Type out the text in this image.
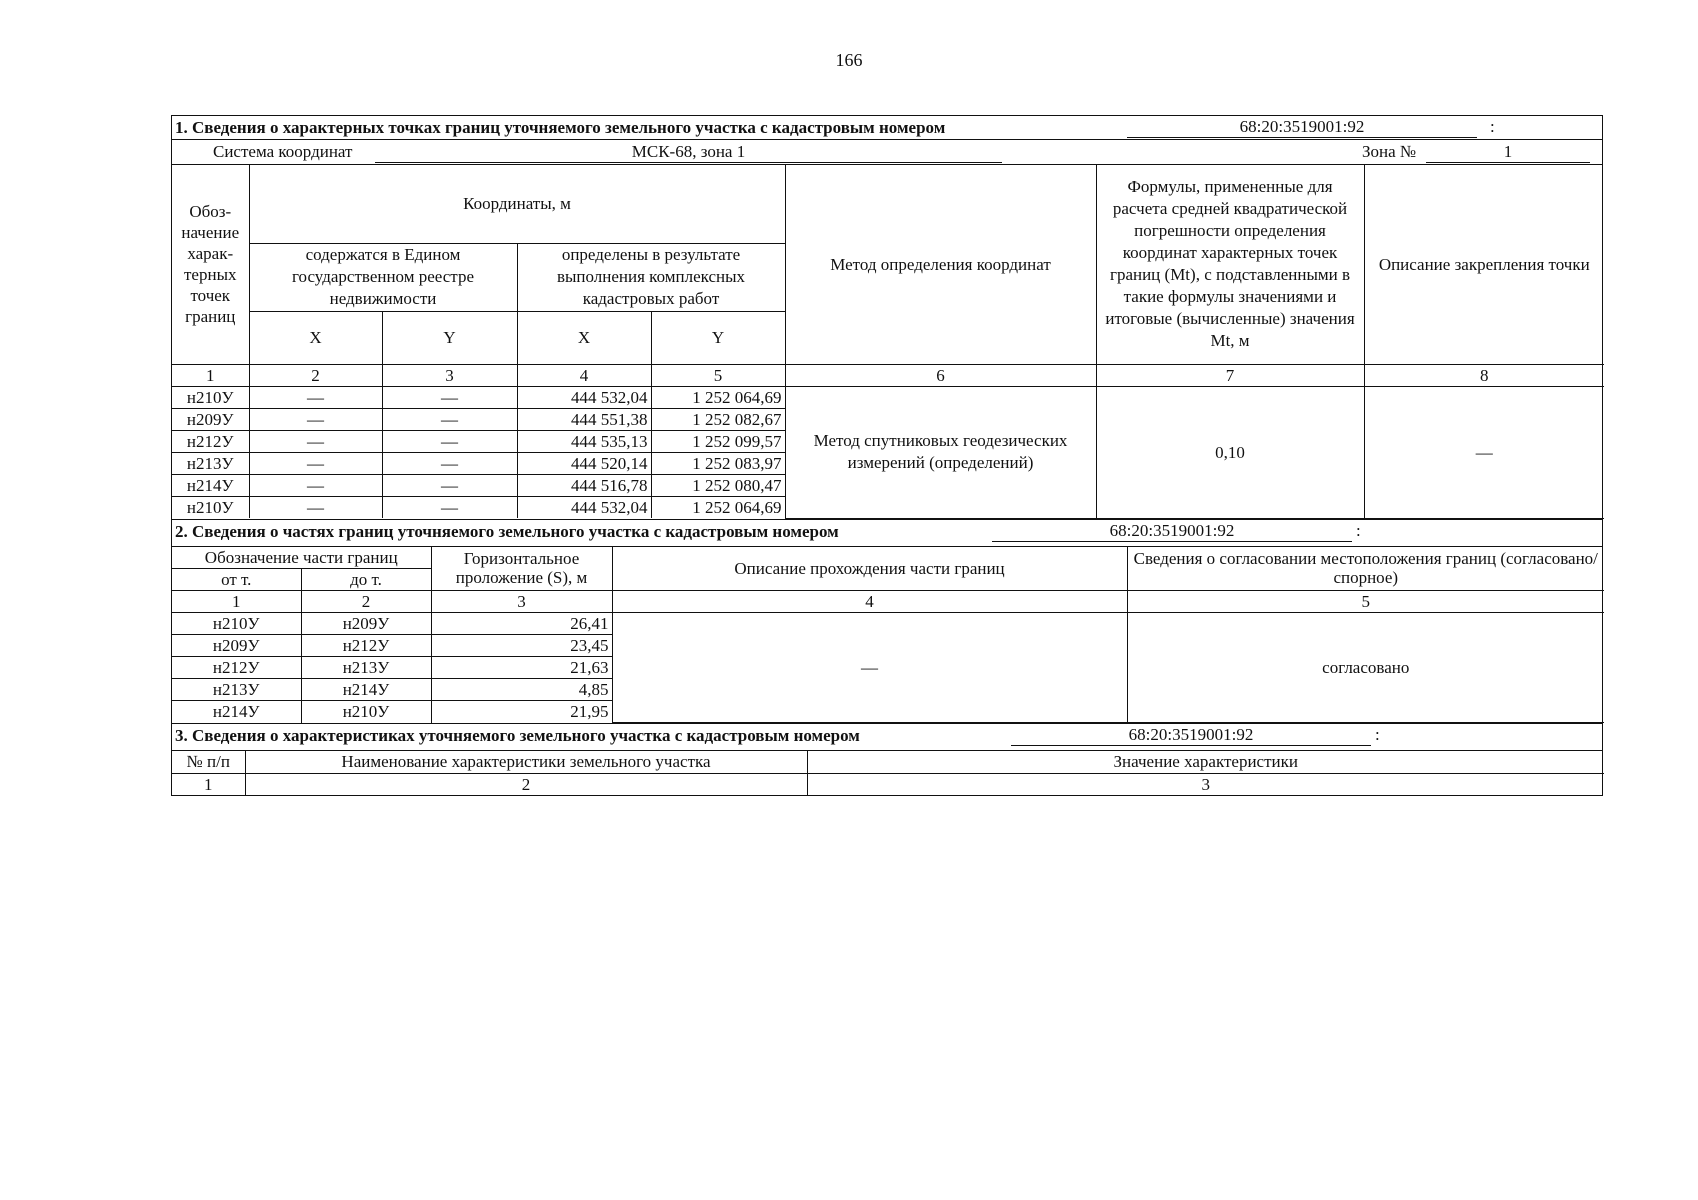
166
1. Сведения о характерных точках границ уточняемого земельного участка с кадастровым номером	68:20:3519001:92	:
Система координат	МСК-68, зона 1	Зона №	1
Обоз-начение харак-терных точек границ	Координаты, м				Метод определения координат	Формулы, примененные для расчета средней квадратической погрешности определения координат характерных точек границ (Mt), с подставленными в такие формулы значениями и итоговые (вычисленные) значения Mt, м	Описание закрепления точки
	содержатся в Едином государственном реестре недвижимости		определены в результате выполнения комплексных кадастровых работ				
	X	Y	X	Y			
1	2	3	4	5	6	7	8
н210У	—	—	444 532,04	1 252 064,69	Метод спутниковых геодезических измерений (определений)	0,10	—
н209У	—	—	444 551,38	1 252 082,67			
н212У	—	—	444 535,13	1 252 099,57			
н213У	—	—	444 520,14	1 252 083,97			
н214У	—	—	444 516,78	1 252 080,47			
н210У	—	—	444 532,04	1 252 064,69			
2. Сведения о частях границ уточняемого земельного участка с кадастровым номером	68:20:3519001:92	:
Обозначение части границ		Горизонтальное проложение (S), м	Описание прохождения части границ	Сведения о согласовании местоположения границ (согласовано/спорное)
от т.	до т.			
1	2	3	4	5
н210У	н209У	26,41	—	согласовано
н209У	н212У	23,45		
н212У	н213У	21,63		
н213У	н214У	4,85		
н214У	н210У	21,95		
3. Сведения о характеристиках уточняемого земельного участка с кадастровым номером	68:20:3519001:92	:
№ п/п	Наименование характеристики земельного участка	Значение характеристики
1	2	3
